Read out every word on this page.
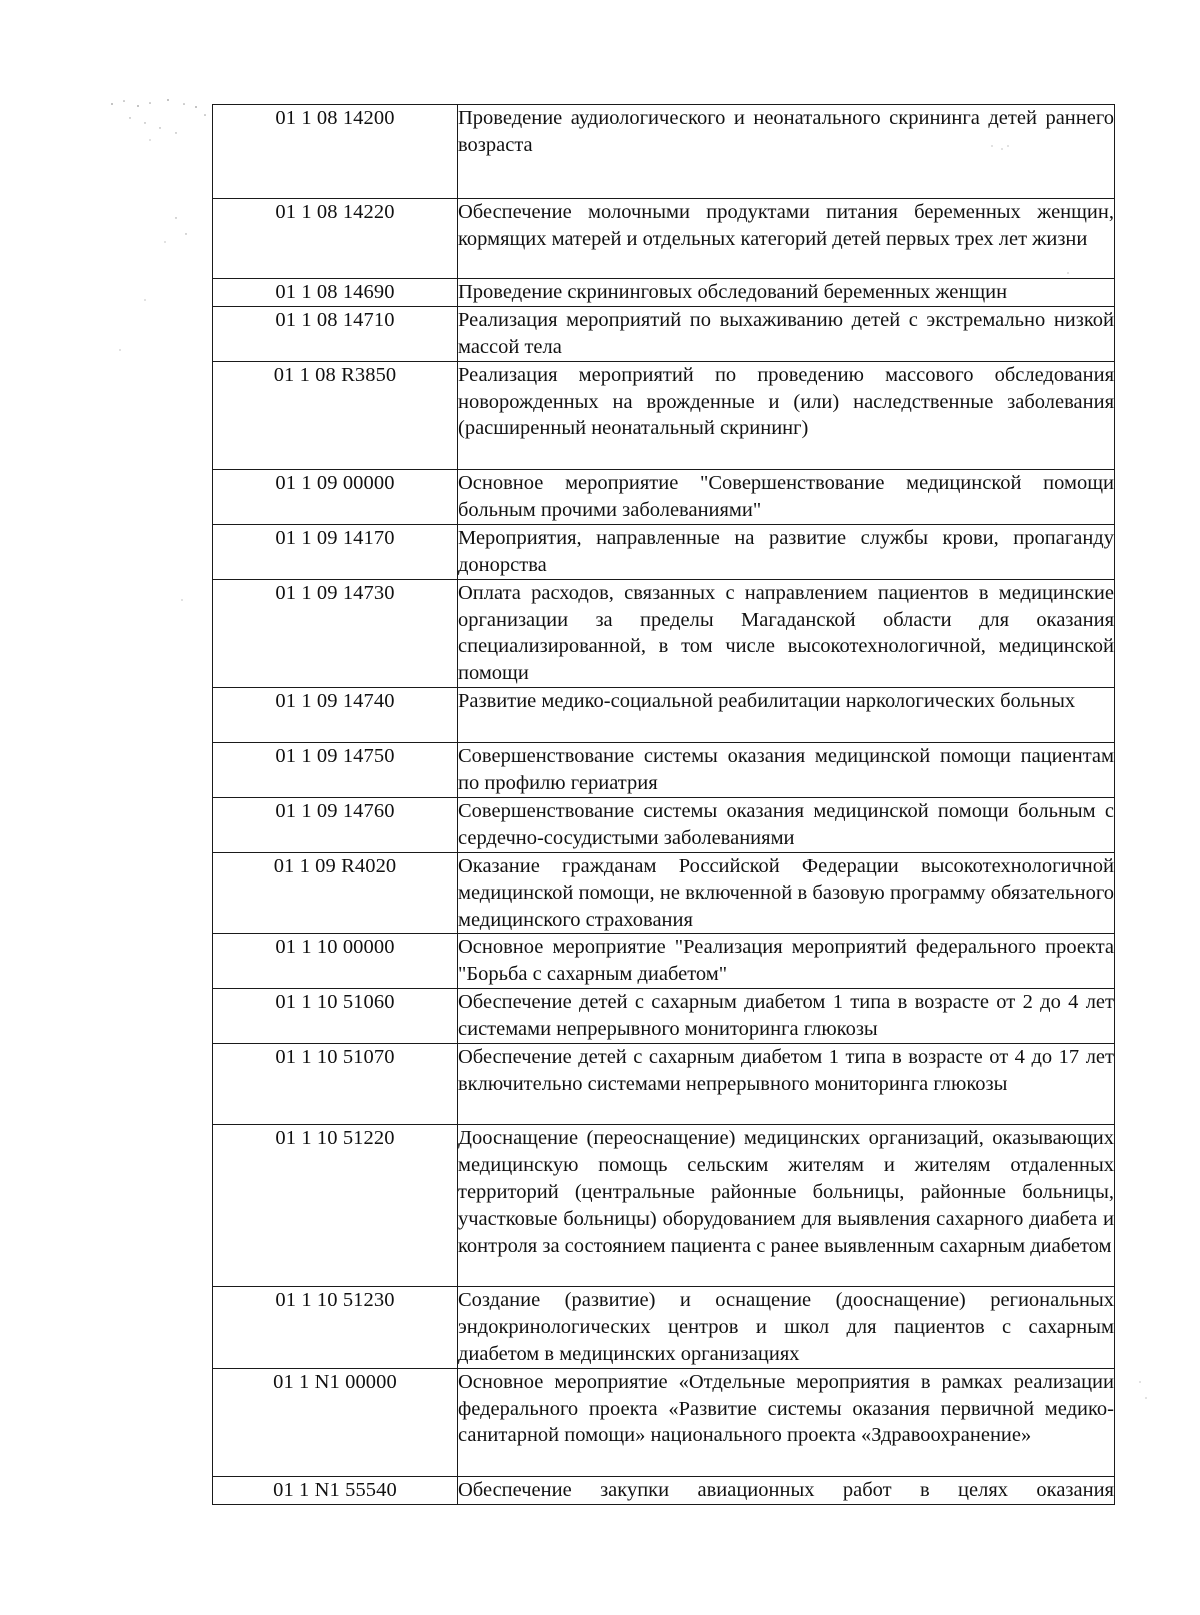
01 1 08 14200	Проведение аудиологического и неонатального скрининга детей раннего возраста
01 1 08 14220	Обеспечение молочными продуктами питания беременных женщин, кормящих матерей и отдельных категорий детей первых трех лет жизни
01 1 08 14690	Проведение скрининговых обследований беременных женщин
01 1 08 14710	Реализация мероприятий по выхаживанию детей с экстремально низкой массой тела
01 1 08 R3850	Реализация мероприятий по проведению массового обследования новорожденных на врожденные и (или) наследственные заболевания (расширенный неонатальный скрининг)
01 1 09 00000	Основное мероприятие "Совершенствование медицинской помощи больным прочими заболеваниями"
01 1 09 14170	Мероприятия, направленные на развитие службы крови, пропаганду донорства
01 1 09 14730	Оплата расходов, связанных с направлением пациентов в медицинские организации за пределы Магаданской области для оказания специализированной, в том числе высокотехнологичной, медицинской помощи
01 1 09 14740	Развитие медико-социальной реабилитации наркологических больных
01 1 09 14750	Совершенствование системы оказания медицинской помощи пациентам по профилю гериатрия
01 1 09 14760	Совершенствование системы оказания медицинской помощи больным с сердечно-сосудистыми заболеваниями
01 1 09 R4020	Оказание гражданам Российской Федерации высокотехнологичной медицинской помощи, не включенной в базовую программу обязательного медицинского страхования
01 1 10 00000	Основное мероприятие "Реализация мероприятий федерального проекта "Борьба с сахарным диабетом"
01 1 10 51060	Обеспечение детей с сахарным диабетом 1 типа в возрасте от 2 до 4 лет системами непрерывного мониторинга глюкозы
01 1 10 51070	Обеспечение детей с сахарным диабетом 1 типа в возрасте от 4 до 17 лет включительно системами непрерывного мониторинга глюкозы
01 1 10 51220	Дооснащение (переоснащение) медицинских организаций, оказывающих медицинскую помощь сельским жителям и жителям отдаленных территорий (центральные районные больницы, районные больницы, участковые больницы) оборудованием для выявления сахарного диабета и контроля за состоянием пациента с ранее выявленным сахарным диабетом
01 1 10 51230	Создание (развитие) и оснащение (дооснащение) региональных эндокринологических центров и школ для пациентов с сахарным диабетом в медицинских организациях
01 1 N1 00000	Основное мероприятие «Отдельные мероприятия в рамках реализации федерального проекта «Развитие системы оказания первичной медико-санитарной помощи» национального проекта «Здравоохранение»
01 1 N1 55540	Обеспечение закупки авиационных работ в целях оказания
